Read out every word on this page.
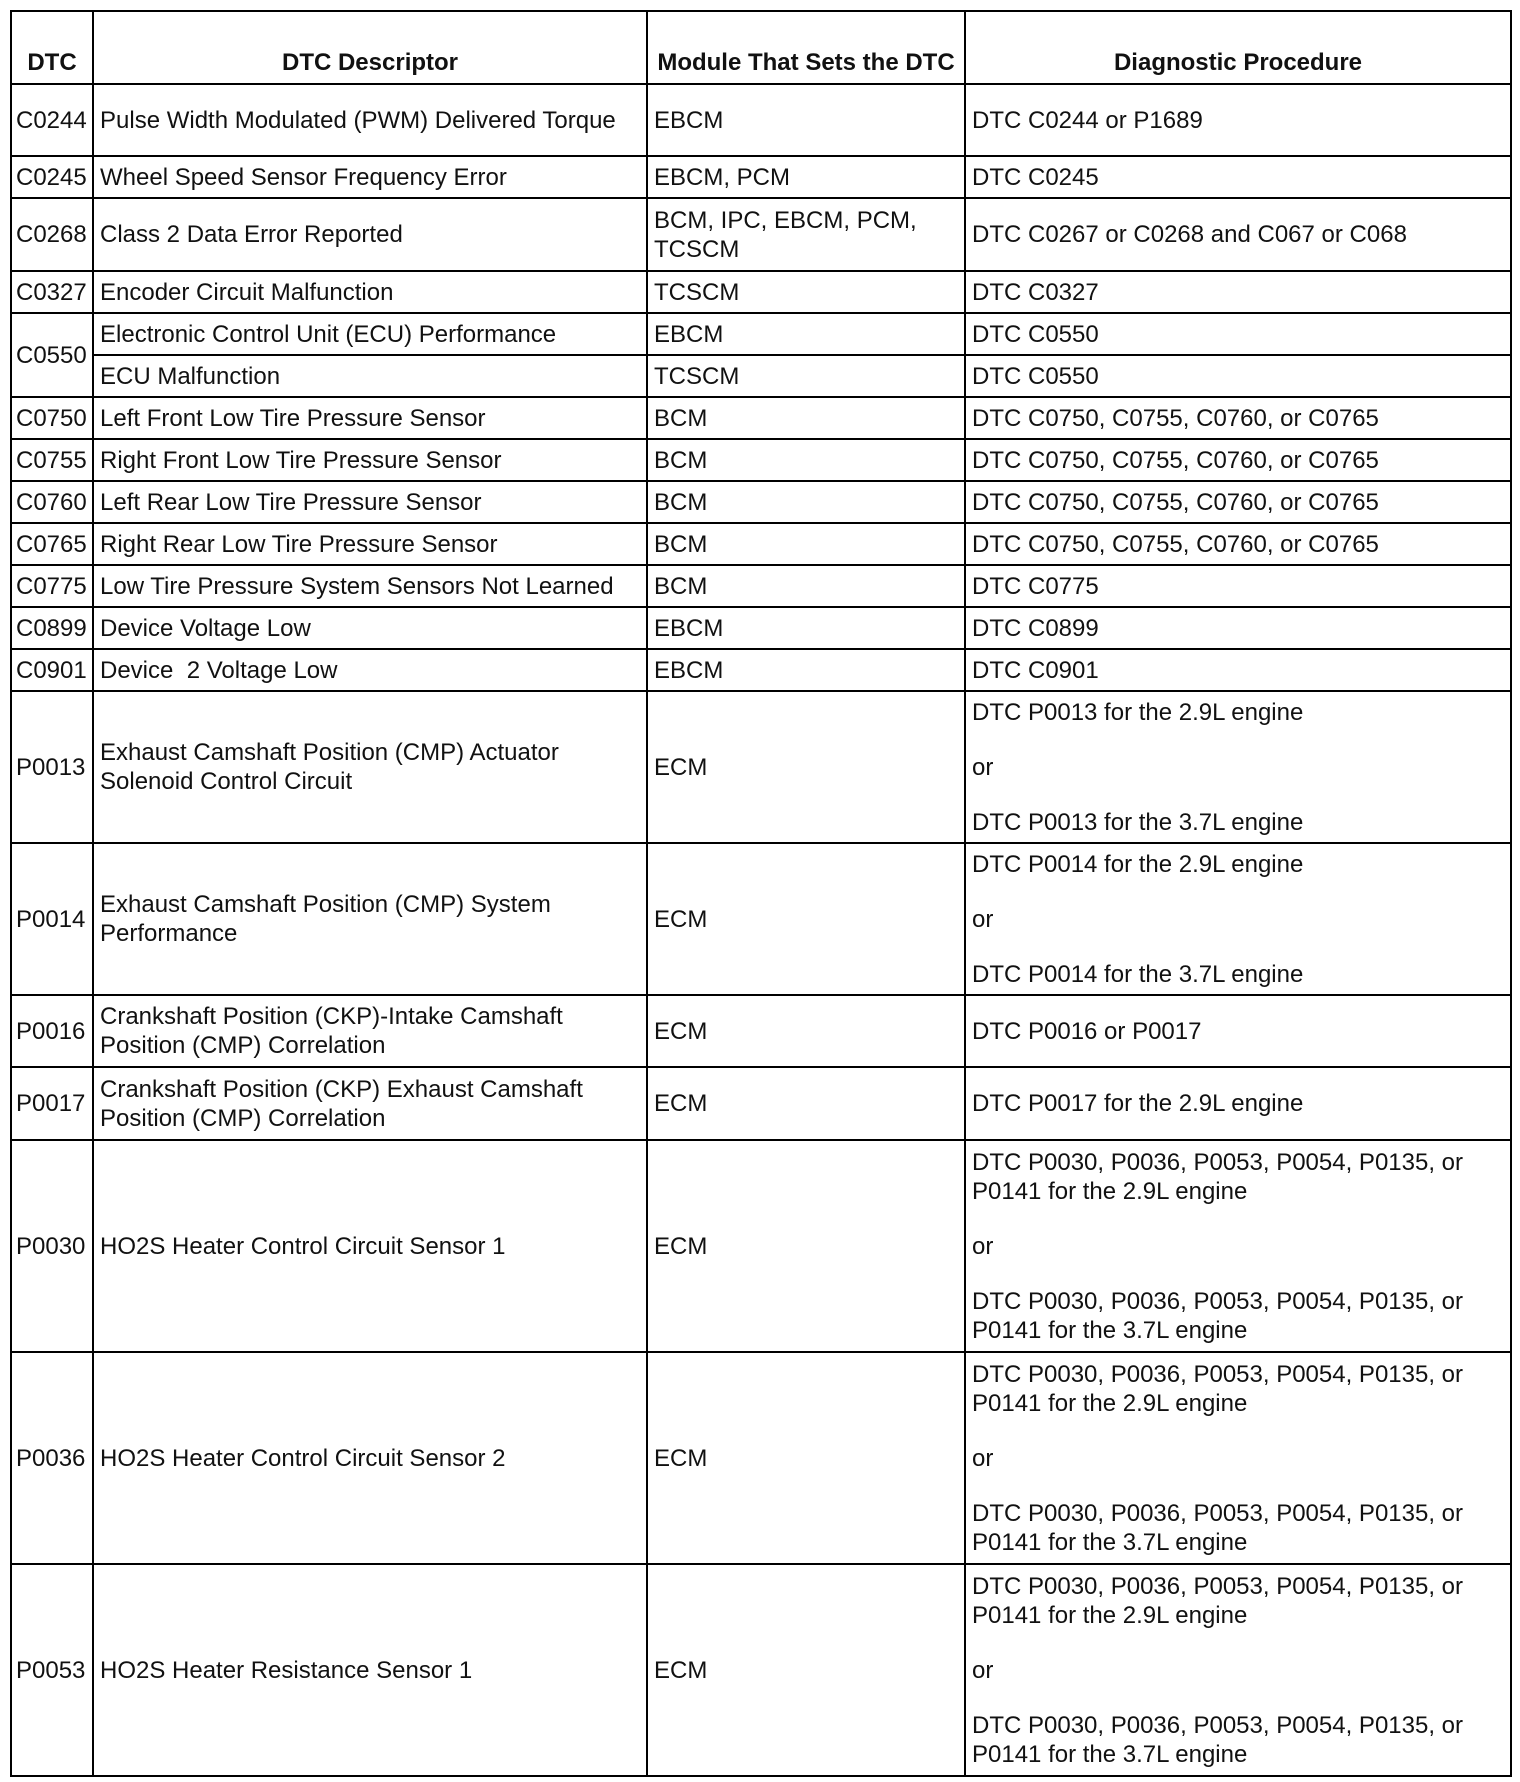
DTC	DTC Descriptor	Module That Sets the DTC	Diagnostic Procedure
C0244	Pulse Width Modulated (PWM) Delivered Torque	EBCM	DTC C0244 or P1689

C0245	Wheel Speed Sensor Frequency Error	EBCM, PCM	DTC C0245

C0268	Class 2 Data Error Reported	BCM, IPC, EBCM, PCM, TCSCM	DTC C0267 or C0268 and C067 or C068

C0327	Encoder Circuit Malfunction	TCSCM	DTC C0327

C0550	Electronic Control Unit (ECU) Performance	EBCM	DTC C0550

	ECU Malfunction	TCSCM	DTC C0550

C0750	Left Front Low Tire Pressure Sensor	BCM	DTC C0750, C0755, C0760, or C0765

C0755	Right Front Low Tire Pressure Sensor	BCM	DTC C0750, C0755, C0760, or C0765

C0760	Left Rear Low Tire Pressure Sensor	BCM	DTC C0750, C0755, C0760, or C0765

C0765	Right Rear Low Tire Pressure Sensor	BCM	DTC C0750, C0755, C0760, or C0765

C0775	Low Tire Pressure System Sensors Not Learned	BCM	DTC C0775

C0899	Device Voltage Low	EBCM	DTC C0899

C0901	Device  2 Voltage Low	EBCM	DTC C0901

P0013	Exhaust Camshaft Position (CMP) Actuator Solenoid Control Circuit	ECM	DTC P0013 for the 2.9L engine
or
DTC P0013 for the 3.7L engine

P0014	Exhaust Camshaft Position (CMP) System Performance	ECM	DTC P0014 for the 2.9L engine
or
DTC P0014 for the 3.7L engine

P0016	Crankshaft Position (CKP)-Intake Camshaft Position (CMP) Correlation	ECM	DTC P0016 or P0017

P0017	Crankshaft Position (CKP) Exhaust Camshaft Position (CMP) Correlation	ECM	DTC P0017 for the 2.9L engine

P0030	HO2S Heater Control Circuit Sensor 1	ECM	DTC P0030, P0036, P0053, P0054, P0135, or P0141 for the 2.9L engine
or
DTC P0030, P0036, P0053, P0054, P0135, or P0141 for the 3.7L engine

P0036	HO2S Heater Control Circuit Sensor 2	ECM	DTC P0030, P0036, P0053, P0054, P0135, or P0141 for the 2.9L engine
or
DTC P0030, P0036, P0053, P0054, P0135, or P0141 for the 3.7L engine

P0053	HO2S Heater Resistance Sensor 1	ECM	DTC P0030, P0036, P0053, P0054, P0135, or P0141 for the 2.9L engine
or
DTC P0030, P0036, P0053, P0054, P0135, or P0141 for the 3.7L engine
